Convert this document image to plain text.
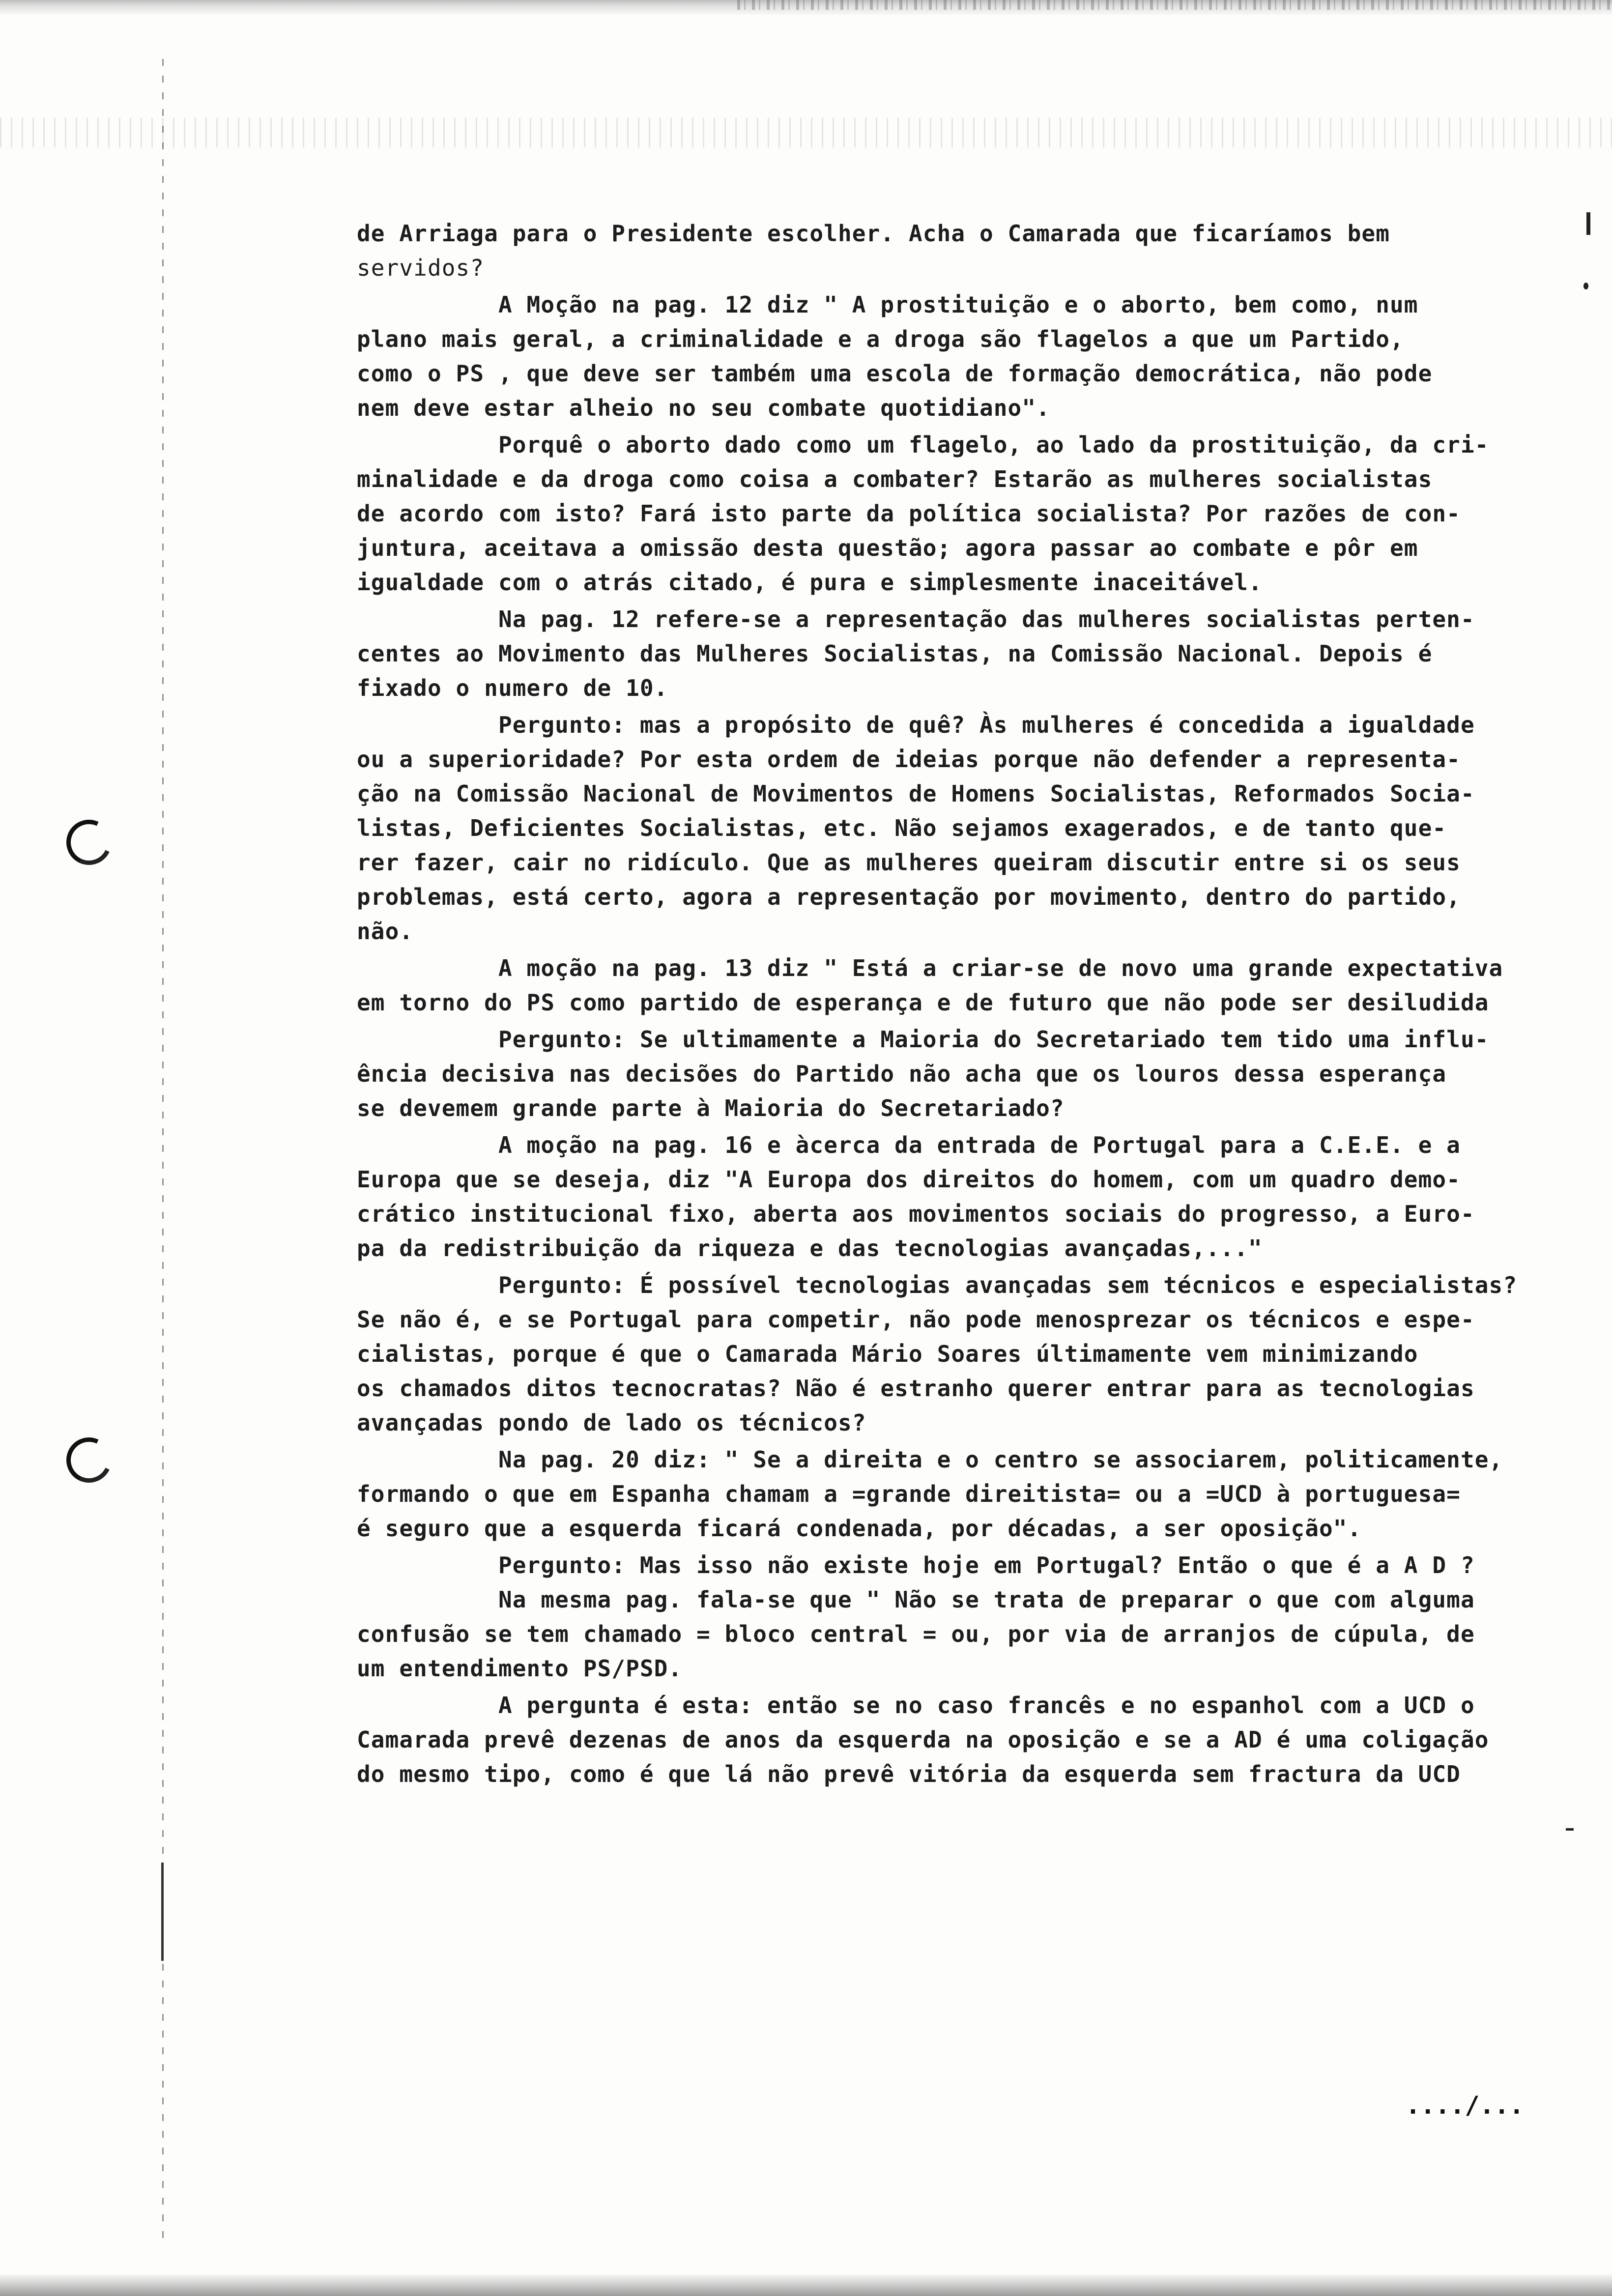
de Arriaga para o Presidente escolher. Acha o Camarada que ficaríamos bem
servidos?
A Moção na pag. 12 diz " A prostituição e o aborto, bem como, num
plano mais geral, a criminalidade e a droga são flagelos a que um Partido,
como o PS , que deve ser também uma escola de formação democrática, não pode
nem deve estar alheio no seu combate quotidiano".
Porquê o aborto dado como um flagelo, ao lado da prostituição, da cri-
minalidade e da droga como coisa a combater? Estarão as mulheres socialistas
de acordo com isto? Fará isto parte da política socialista? Por razões de con-
juntura, aceitava a omissão desta questão; agora passar ao combate e pôr em
igualdade com o atrás citado, é pura e simplesmente inaceitável.
Na pag. 12 refere-se a representação das mulheres socialistas perten-
centes ao Movimento das Mulheres Socialistas, na Comissão Nacional. Depois é
fixado o numero de 10.
Pergunto: mas a propósito de quê? Às mulheres é concedida a igualdade
ou a superioridade? Por esta ordem de ideias porque não defender a representa-
ção na Comissão Nacional de Movimentos de Homens Socialistas, Reformados Socia-
listas, Deficientes Socialistas, etc. Não sejamos exagerados, e de tanto que-
rer fazer, cair no ridículo. Que as mulheres queiram discutir entre si os seus
problemas, está certo, agora a representação por movimento, dentro do partido,
não.
A moção na pag. 13 diz " Está a criar-se de novo uma grande expectativa
em torno do PS como partido de esperança e de futuro que não pode ser desiludida
Pergunto: Se ultimamente a Maioria do Secretariado tem tido uma influ-
ência decisiva nas decisões do Partido não acha que os louros dessa esperança
se devemem grande parte à Maioria do Secretariado?
A moção na pag. 16 e àcerca da entrada de Portugal para a C.E.E. e a
Europa que se deseja, diz "A Europa dos direitos do homem, com um quadro demo-
crático institucional fixo, aberta aos movimentos sociais do progresso, a Euro-
pa da redistribuição da riqueza e das tecnologias avançadas,..."
Pergunto: É possível tecnologias avançadas sem técnicos e especialistas?
Se não é, e se Portugal para competir, não pode menosprezar os técnicos e espe-
cialistas, porque é que o Camarada Mário Soares últimamente vem minimizando
os chamados ditos tecnocratas? Não é estranho querer entrar para as tecnologias
avançadas pondo de lado os técnicos?
Na pag. 20 diz: " Se a direita e o centro se associarem, politicamente,
formando o que em Espanha chamam a =grande direitista= ou a =UCD à portuguesa=
é seguro que a esquerda ficará condenada, por décadas, a ser oposição".
Pergunto: Mas isso não existe hoje em Portugal? Então o que é a A D ?
Na mesma pag. fala-se que " Não se trata de preparar o que com alguma
confusão se tem chamado = bloco central = ou, por via de arranjos de cúpula, de
um entendimento PS/PSD.
A pergunta é esta: então se no caso francês e no espanhol com a UCD o
Camarada prevê dezenas de anos da esquerda na oposição e se a AD é uma coligação
do mesmo tipo, como é que lá não prevê vitória da esquerda sem fractura da UCD
..../...
